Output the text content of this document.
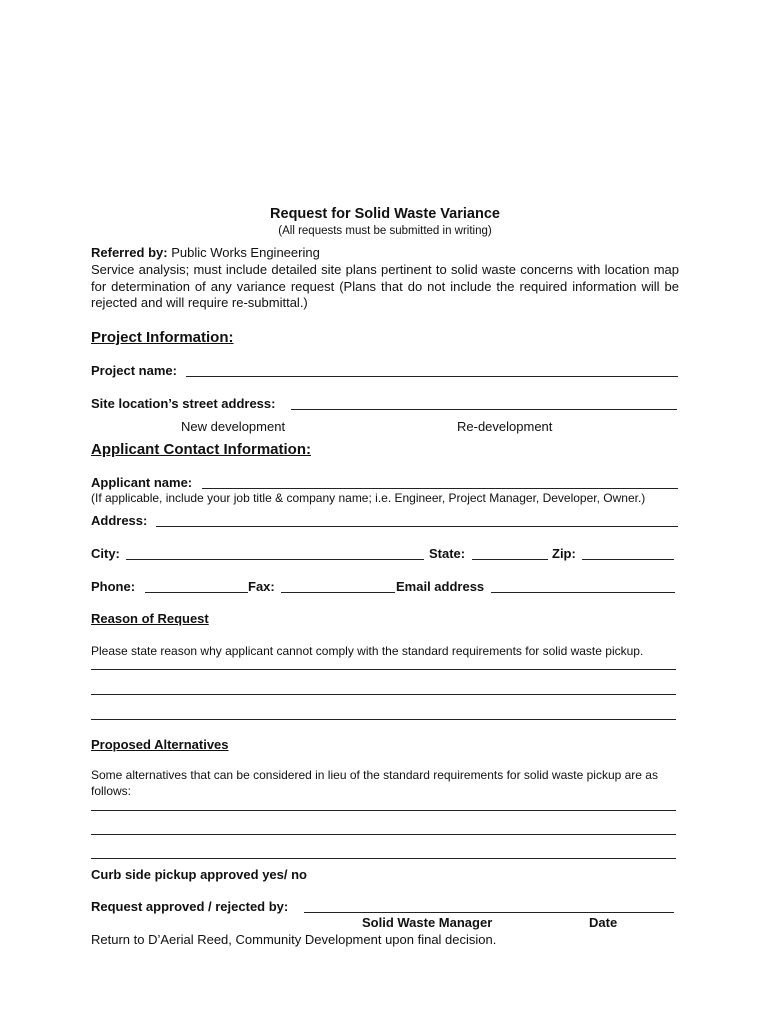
Request for Solid Waste Variance
(All requests must be submitted in writing)
Referred by: Public Works Engineering
Service analysis; must include detailed site plans pertinent to solid waste concerns with location map for determination of any variance request (Plans that do not include the required information will be rejected and will require re-submittal.)
Project Information:
Project name:
Site location’s street address:
New development	Re-development
Applicant Contact Information:
Applicant name:
(If applicable, include your job title & company name; i.e. Engineer, Project Manager, Developer, Owner.)
Address:
City:	State:	Zip:
Phone:	Fax:	Email address
Reason of Request
Please state reason why applicant cannot comply with the standard requirements for solid waste pickup.
Proposed Alternatives
Some alternatives that can be considered in lieu of the standard requirements for solid waste pickup are as follows:
Curb side pickup approved yes/ no
Request approved / rejected by:
Solid Waste Manager	Date
Return to D’Aerial Reed, Community Development upon final decision.
